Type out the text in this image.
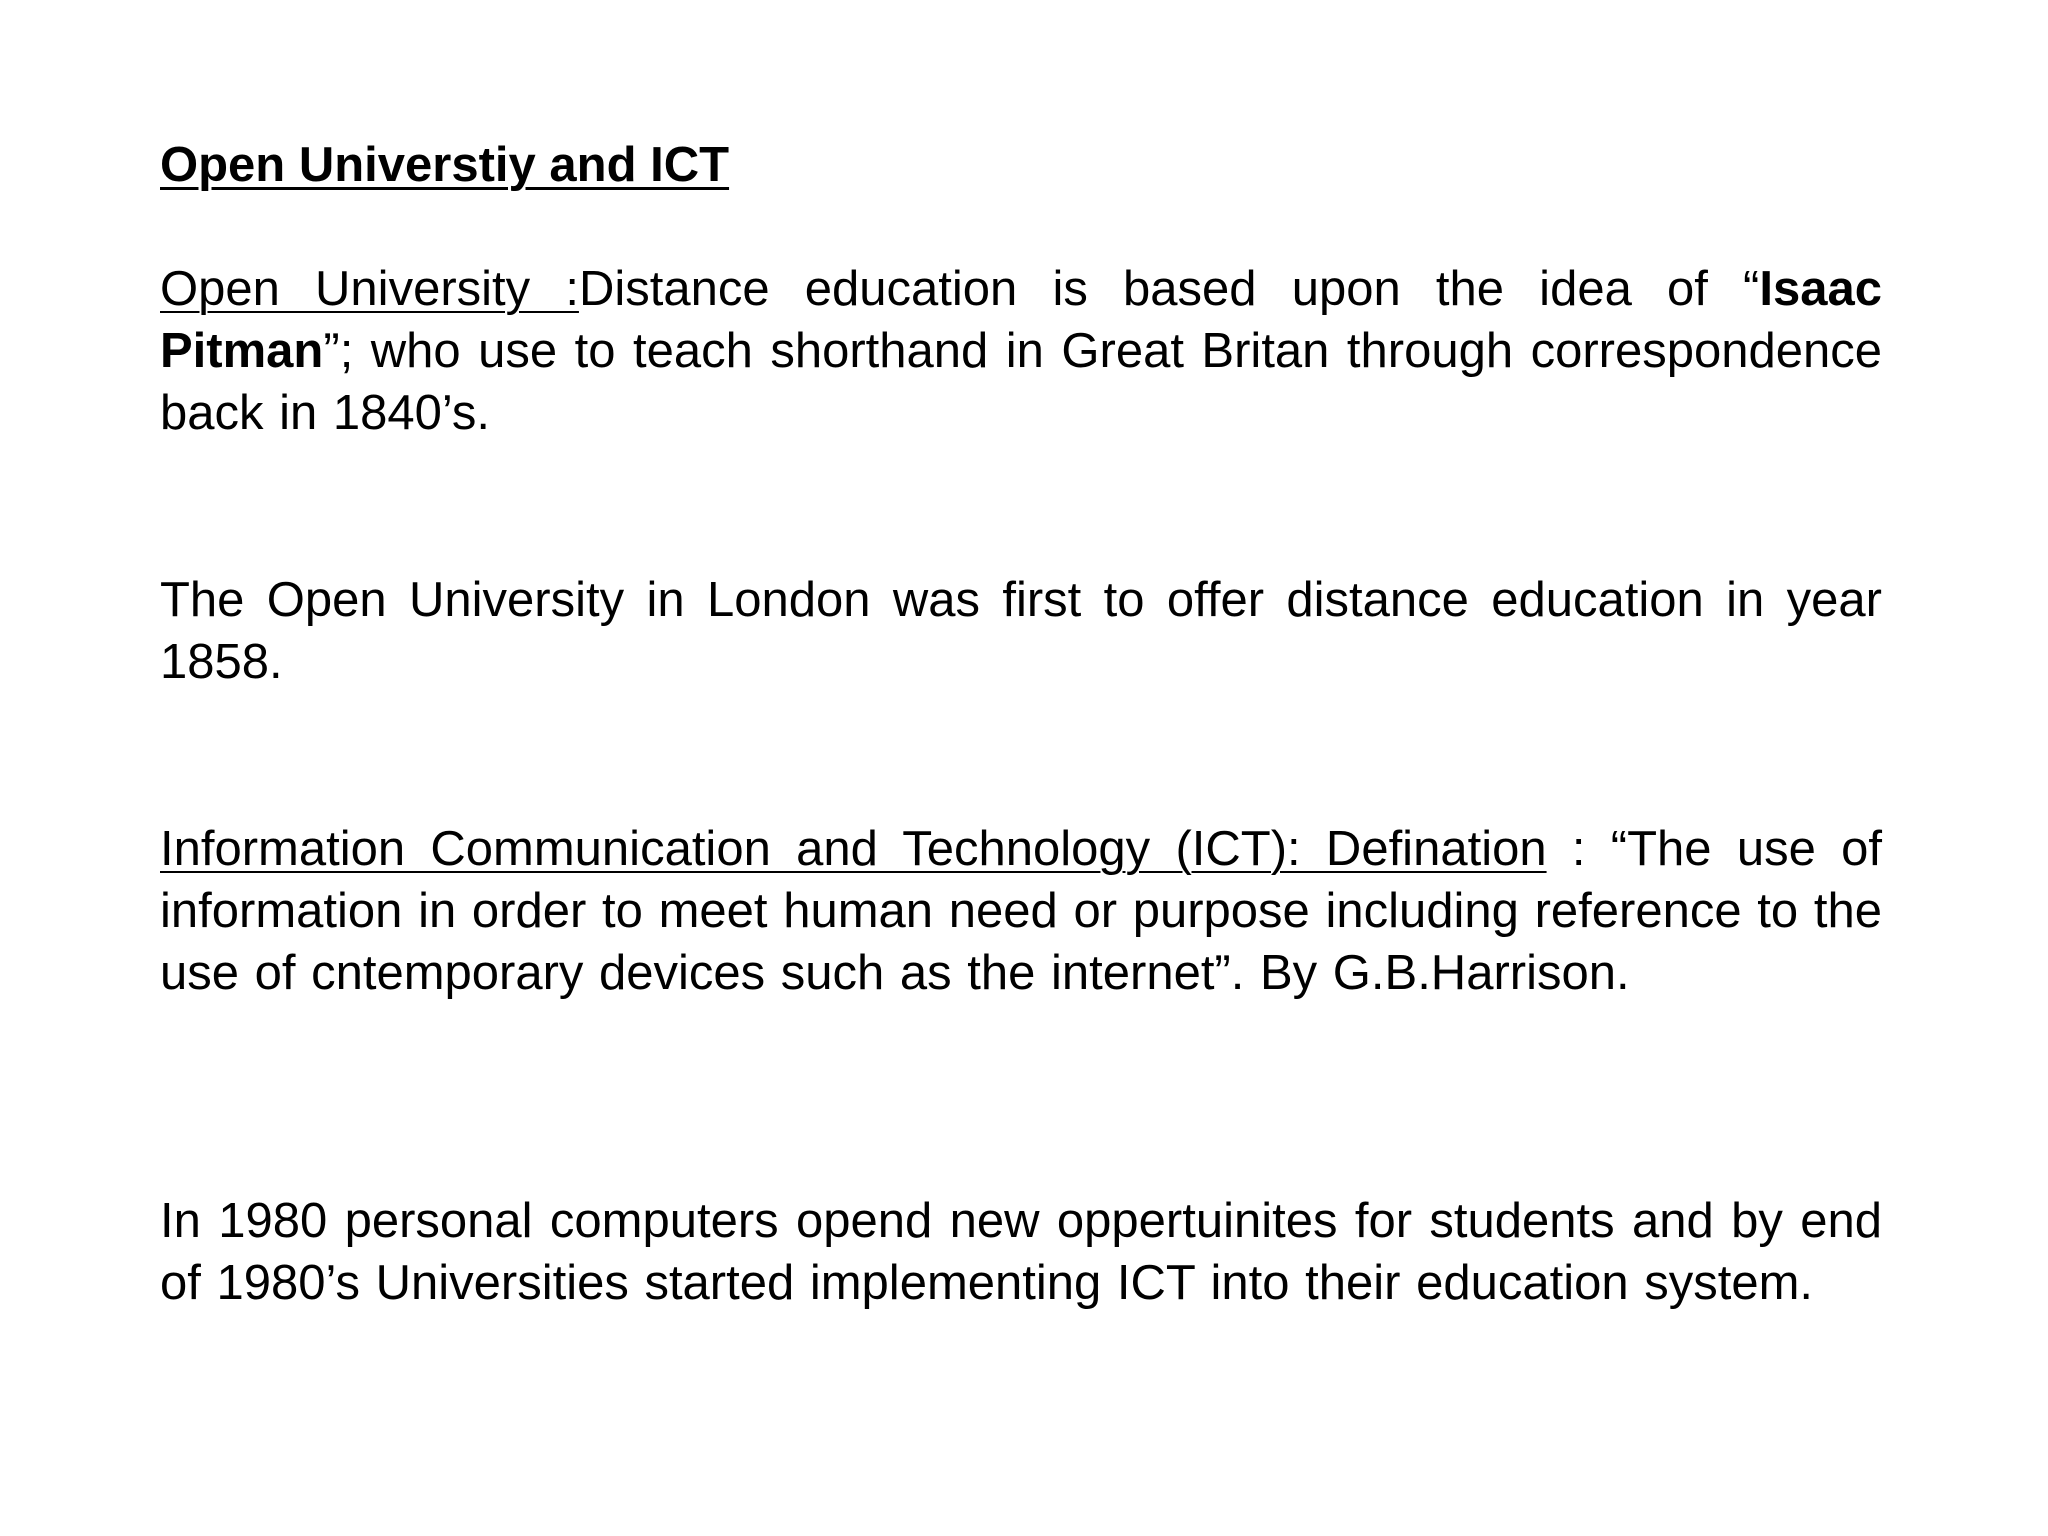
Open Universtiy and ICT

Open University :Distance education is based upon the idea of “Isaac Pitman”; who use to teach shorthand in Great Britan through correspondence back in 1840’s.

The Open University in London was first to offer distance education in year 1858.

Information Communication and Technology (ICT): Defination : “The use of information in order to meet human need or purpose including reference to the use of cntemporary devices such as the internet”. By G.B.Harrison.

In 1980 personal computers opend new oppertuinites for students and by end of 1980’s Universities started implementing ICT into their education system.
